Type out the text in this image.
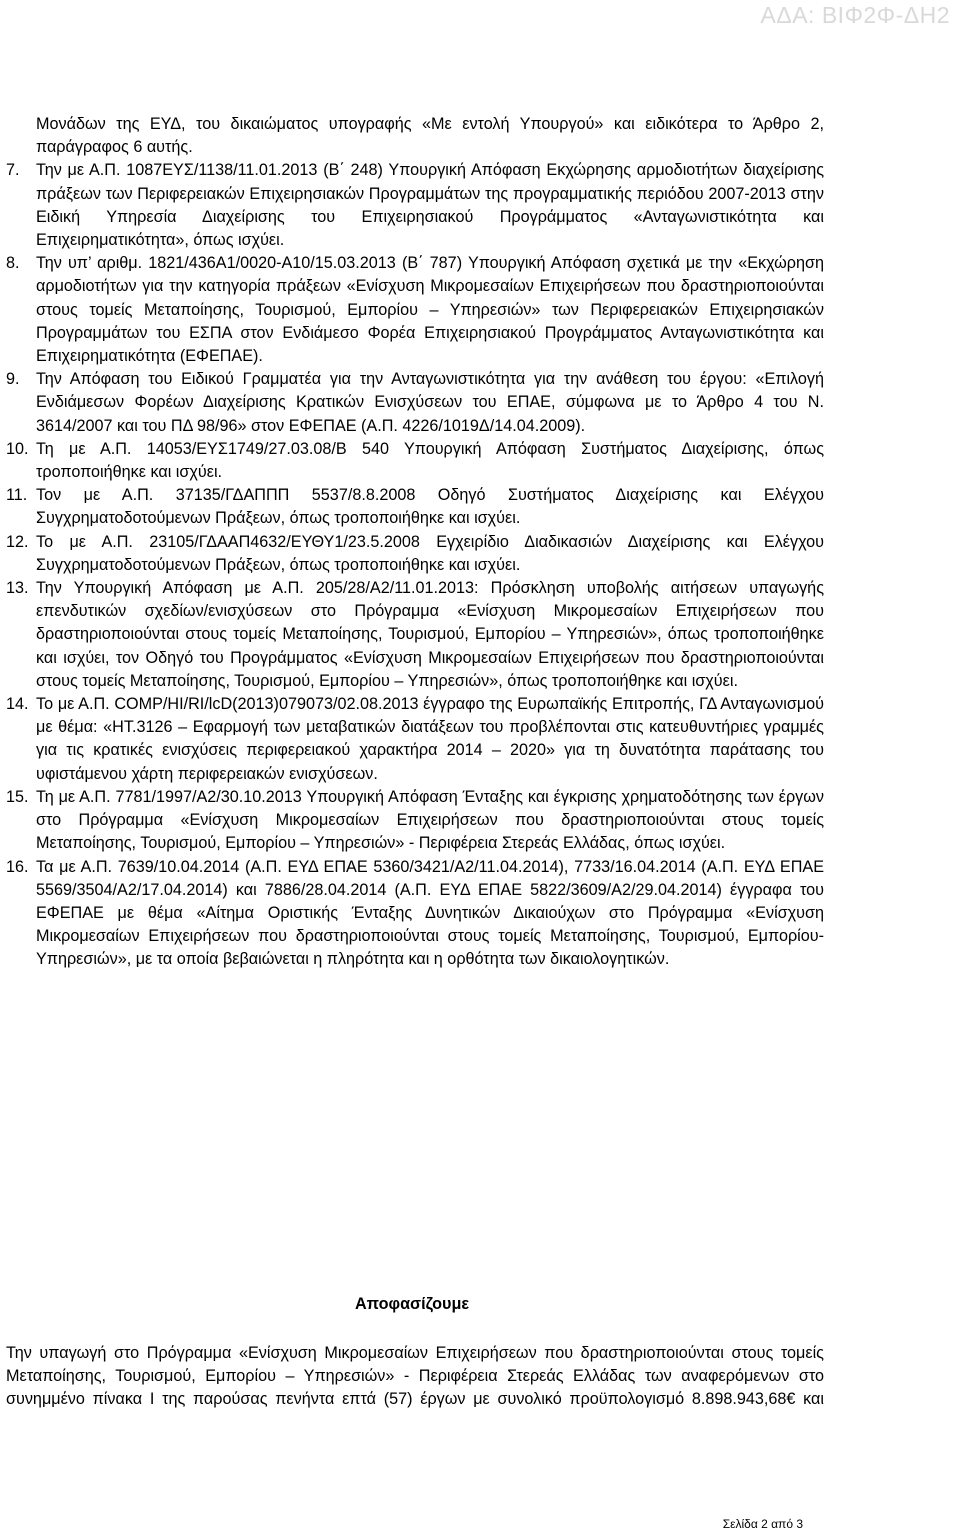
ΑΔΑ: ΒΙΦ2Φ-ΔΗ2

Μονάδων της ΕΥΔ, του δικαιώματος υπογραφής «Με εντολή Υπουργού» και ειδικότερα το Άρθρο 2, παράγραφος 6 αυτής.

7. Την με Α.Π. 1087ΕΥΣ/1138/11.01.2013 (Β΄ 248) Υπουργική Απόφαση Εκχώρησης αρμοδιοτήτων διαχείρισης πράξεων των Περιφερειακών Επιχειρησιακών Προγραμμάτων της προγραμματικής περιόδου 2007-2013 στην Ειδική Υπηρεσία Διαχείρισης του Επιχειρησιακού Προγράμματος «Ανταγωνιστικότητα και Επιχειρηματικότητα», όπως ισχύει.
8. Την υπ’ αριθμ. 1821/436Α1/0020-Α10/15.03.2013 (Β΄ 787) Υπουργική Απόφαση σχετικά με την «Εκχώρηση αρμοδιοτήτων για την κατηγορία πράξεων «Ενίσχυση Μικρομεσαίων Επιχειρήσεων που δραστηριοποιούνται στους τομείς Μεταποίησης, Τουρισμού, Εμπορίου – Υπηρεσιών» των Περιφερειακών Επιχειρησιακών Προγραμμάτων του ΕΣΠΑ στον Ενδιάμεσο Φορέα Επιχειρησιακού Προγράμματος Ανταγωνιστικότητα και Επιχειρηματικότητα (ΕΦΕΠΑΕ).
9. Την Απόφαση του Ειδικού Γραμματέα για την Ανταγωνιστικότητα για την ανάθεση του έργου: «Επιλογή Ενδιάμεσων Φορέων Διαχείρισης Κρατικών Ενισχύσεων του ΕΠΑΕ, σύμφωνα με το Άρθρο 4 του Ν. 3614/2007 και του ΠΔ 98/96» στον ΕΦΕΠΑΕ (Α.Π. 4226/1019Δ/14.04.2009).
10. Τη με Α.Π. 14053/ΕΥΣ1749/27.03.08/Β 540 Υπουργική Απόφαση Συστήματος Διαχείρισης, όπως τροποποιήθηκε και ισχύει.
11. Τον με Α.Π. 37135/ΓΔΑΠΠΠ 5537/8.8.2008 Οδηγό Συστήματος Διαχείρισης και Ελέγχου Συγχρηματοδοτούμενων Πράξεων, όπως τροποποιήθηκε και ισχύει.
12. Το με Α.Π. 23105/ΓΔΑΑΠ4632/ΕΥΘΥ1/23.5.2008 Εγχειρίδιο Διαδικασιών Διαχείρισης και Ελέγχου Συγχρηματοδοτούμενων Πράξεων, όπως τροποποιήθηκε και ισχύει.
13. Την Υπουργική Απόφαση με Α.Π. 205/28/Α2/11.01.2013: Πρόσκληση υποβολής αιτήσεων υπαγωγής επενδυτικών σχεδίων/ενισχύσεων στο Πρόγραμμα «Ενίσχυση Μικρομεσαίων Επιχειρήσεων που δραστηριοποιούνται στους τομείς Μεταποίησης, Τουρισμού, Εμπορίου – Υπηρεσιών», όπως τροποποιήθηκε και ισχύει, τον Οδηγό του Προγράμματος «Ενίσχυση Μικρομεσαίων Επιχειρήσεων που δραστηριοποιούνται στους τομείς Μεταποίησης, Τουρισμού, Εμπορίου – Υπηρεσιών», όπως τροποποιήθηκε και ισχύει.
14. Το με Α.Π. COMP/HI/RI/lcD(2013)079073/02.08.2013 έγγραφο της Ευρωπαϊκής Επιτροπής, ΓΔ Ανταγωνισμού με θέμα: «ΗΤ.3126 – Εφαρμογή των μεταβατικών διατάξεων του προβλέπονται στις κατευθυντήριες γραμμές για τις κρατικές ενισχύσεις περιφερειακού χαρακτήρα 2014 – 2020» για τη δυνατότητα παράτασης του υφιστάμενου χάρτη περιφερειακών ενισχύσεων.
15. Τη με Α.Π. 7781/1997/Α2/30.10.2013 Υπουργική Απόφαση Ένταξης και έγκρισης χρηματοδότησης των έργων στο Πρόγραμμα «Ενίσχυση Μικρομεσαίων Επιχειρήσεων που δραστηριοποιούνται στους τομείς Μεταποίησης, Τουρισμού, Εμπορίου – Υπηρεσιών» - Περιφέρεια Στερεάς Ελλάδας, όπως ισχύει.
16. Τα με Α.Π. 7639/10.04.2014 (Α.Π. ΕΥΔ ΕΠΑΕ 5360/3421/Α2/11.04.2014), 7733/16.04.2014 (Α.Π. ΕΥΔ ΕΠΑΕ 5569/3504/Α2/17.04.2014) και 7886/28.04.2014 (Α.Π. ΕΥΔ ΕΠΑΕ 5822/3609/Α2/29.04.2014) έγγραφα του ΕΦΕΠΑΕ με θέμα «Αίτημα Οριστικής Ένταξης Δυνητικών Δικαιούχων στο Πρόγραμμα «Ενίσχυση Μικρομεσαίων Επιχειρήσεων που δραστηριοποιούνται στους τομείς Μεταποίησης, Τουρισμού, Εμπορίου- Υπηρεσιών», με τα οποία βεβαιώνεται η πληρότητα και η ορθότητα των δικαιολογητικών.
Αποφασίζουμε

Την υπαγωγή στο Πρόγραμμα «Ενίσχυση Μικρομεσαίων Επιχειρήσεων που δραστηριοποιούνται στους τομείς Μεταποίησης, Τουρισμού, Εμπορίου – Υπηρεσιών» - Περιφέρεια Στερεάς Ελλάδας των αναφερόμενων στο συνημμένο πίνακα Ι της παρούσας πενήντα επτά (57) έργων με συνολικό προϋπολογισμό 8.898.943,68€ και

Σελίδα 2 από 3
